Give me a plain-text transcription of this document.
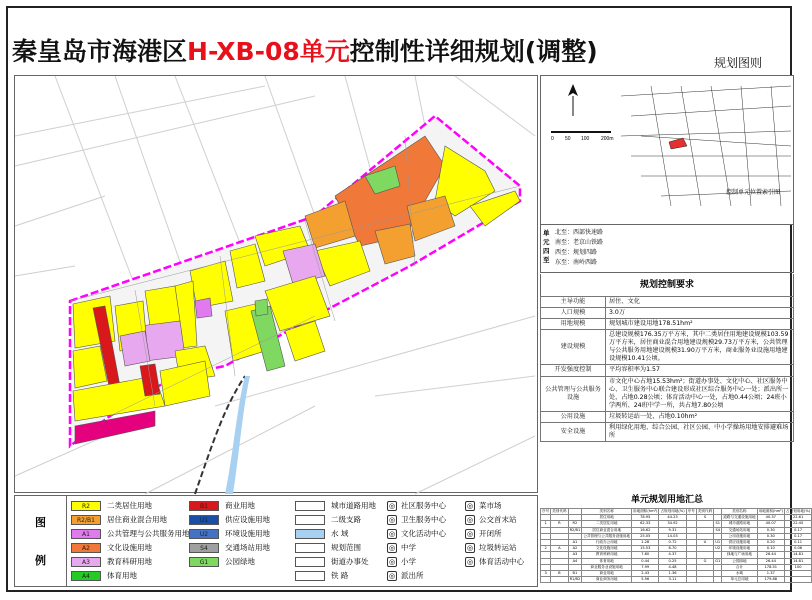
秦皇岛市海港区H-XB-08单元控制性详细规划(调整)	规划图则
0 50 100 200m
控制单元位置索引图
单元四至
北至：西部快速路
南至：老京山铁路
西至：规划四路
东至：南岭西路
规划控制要求
主导功能	居住、文化
人口规模	3.0万
用地规模	规划城市建设用地178.51hm²
建设规模	总建设规模176.35万平方米，其中二类居住用地建设规模103.59万平方米，居住商业混合用地建设规模29.73万平方米，公共管理与公共服务用地建设规模31.90万平方米，商业服务业设施用地建设规模10.41公顷。
开发强度控制	平均容积率为1.57
公共管理与公共服务设施	市文化中心占地15.53hm²；街道办事处、文化中心、社区服务中心、卫生服务中心联合建设形成社区综合服务中心一处；派出所一处，占地0.28公顷；体育活动中心一处，占地0.44公顷；24班小学两所、24班中学一所，共占地7.80公顷
公用设施	垃圾转运站一处，占地0.10hm²
安全设施	利用绿化用地、综合公园、社区公园、中小学操场用地安排避难场所
单元规划用地汇总
序号	类别代码		类别名称	用地面积(hm²)	占规划用地(%)	序号	类别代码		类别名称	用地面积(hm²)	占规划用地(%)
			居住用地	78.95	44.23		S		道路与交通设施用地	40.37	22.61
1	R	R2	二类居住用地	62.33	34.92			S1	城市道路用地	40.07	22.45
		R2/B1	居住商业混合用地	16.62	9.31			S4	交通场站用地	0.30	0.17
			公共管理与公共服务设施用地	25.05	14.03				公用设施用地	0.30	0.17
		A1	行政办公用地	1.28	0.72		U	U1	供应设施用地	0.20	0.11
2	A	A2	文化设施用地	15.53	8.70			U2	环境设施用地	0.10	0.06
		A3	教育科研用地	7.80	4.37				绿地与广场用地	26.44	14.81
		A4	体育用地	0.44	0.25		G	G1	公园绿地	26.44	14.81
			商业服务业设施用地	7.99	4.48				合计	178.51	100
3	B	B1	商业用地	2.43	1.36				水域	1.37	
		R1/B2	商业商务用地	5.56	3.11				单元总用地	179.88	
图
例
R2	二类居住用地
R2/B1	居住商业混合用地
A1	公共管理与公共服务用地
A2	文化设施用地
A3	教育科研用地
A4	体育用地
B1	商业用地
U1	供应设施用地
U2	环境设施用地
S4	交通场站用地
G1	公园绿地
城市道路用地
二级支路
水 域
规划范围
街道办事处
铁 路
◎ 社区服务中心
◎ 卫生服务中心
◎ 文化活动中心
◎ 中学
◎ 小学
◎ 派出所
◎ 菜市场
◎ 公交首末站
◎ 开闭所
◎ 垃圾转运站
◎ 体育活动中心
